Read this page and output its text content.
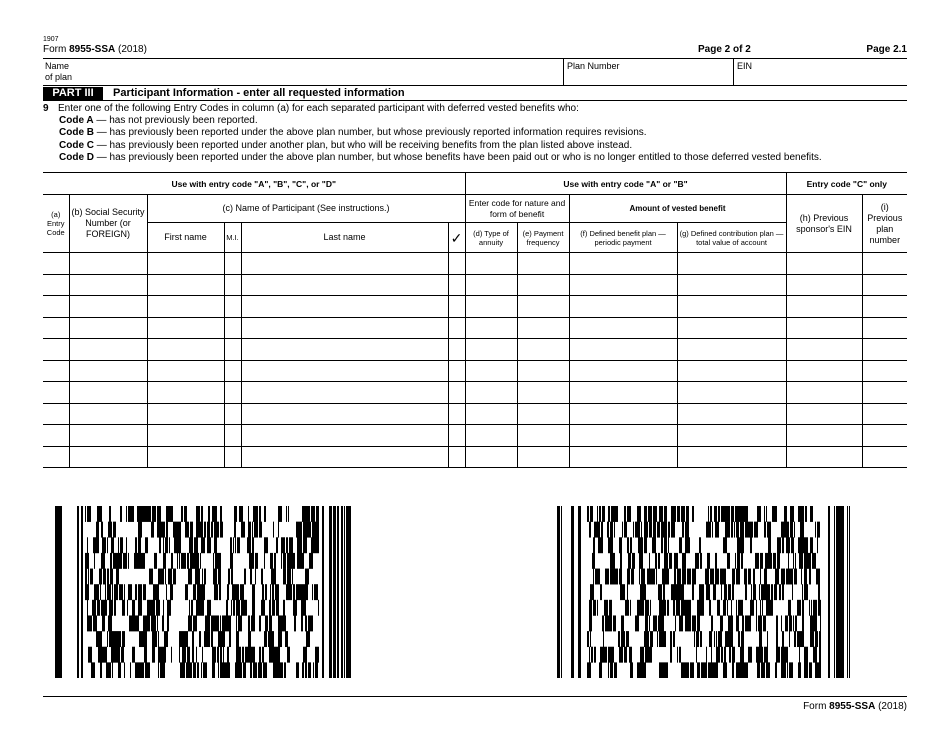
1907
Form 8955-SSA (2018)	Page 2 of 2	Page 2.1
Name
of plan
Plan Number	EIN
PART III	Participant Information - enter all requested information
9 Enter one of the following Entry Codes in column (a) for each separated participant with deferred vested benefits who:
Code A — has not previously been reported.
Code B — has previously been reported under the above plan number, but whose previously reported information requires revisions.
Code C — has previously been reported under another plan, but who will be receiving benefits from the plan listed above instead.
Code D — has previously been reported under the above plan number, but whose benefits have been paid out or who is no longer entitled to those deferred vested benefits.
Use with entry code "A", "B", "C", or "D"						Use with entry code "A" or "B"				Entry code "C" only	
(a) Entry Code	(b) Social Security Number (or FOREIGN)	(c) Name of Participant (See instructions.)				Enter code for nature and form of benefit		Amount of vested benefit		(h) Previous sponsor's EIN	(i) Previous plan number
		First name	M.I.	Last name	✓	(d) Type of annuity	(e) Payment frequency	(f) Defined benefit plan — periodic payment	(g) Defined contribution plan — total value of account		

Form 8955-SSA (2018)
